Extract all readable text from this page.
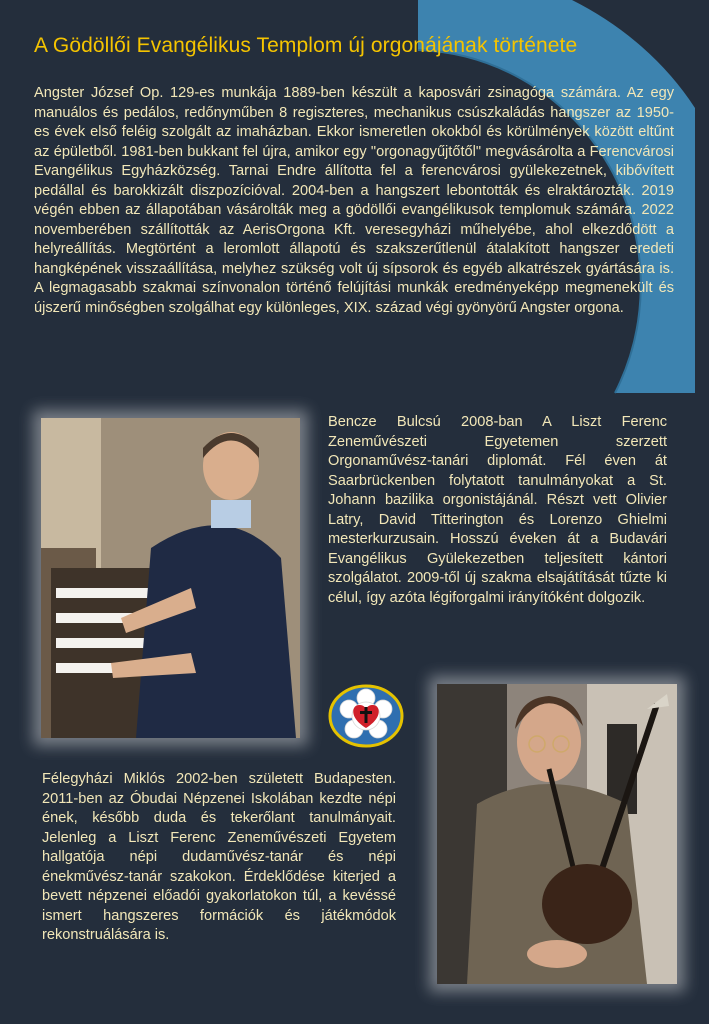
A Gödöllői Evangélikus Templom új orgonájának története

Angster József Op. 129-es munkája 1889-ben készült a kaposvári zsinagóga számára. Az egy manuálos és pedálos, redőnyműben 8 regiszteres, mechanikus csúszkaládás hangszer az 1950-es évek első feléig szolgált az imaházban. Ekkor ismeretlen okokból és körülmények között eltűnt az épületből. 1981-ben bukkant fel újra, amikor egy "orgonagyűjtőtől" megvásárolta a Ferencvárosi Evangélikus Egyházközség. Tarnai Endre állította fel a ferencvárosi gyülekezetnek, kibővített pedállal és barokkizált diszpozícióval. 2004-ben a hangszert lebontották és elraktározták. 2019 végén ebben az állapotában vásárolták meg a gödöllői evangélikusok templomuk számára. 2022 novemberében szállították az AerisOrgona Kft. veresegyházi műhelyébe, ahol elkezdődött a helyreállítás. Megtörtént a leromlott állapotú és szakszerűtlenül átalakított hangszer eredeti hangképének visszaállítása, melyhez szükség volt új sípsorok és egyéb alkatrészek gyártására is. A legmagasabb szakmai színvonalon történő felújítási munkák eredményeképp megmenekült és újszerű minőségben szolgálhat egy különleges, XIX. század végi gyönyörű Angster orgona.

Bencze Bulcsú 2008-ban A Liszt Ferenc Zeneművészeti Egyetemen szerzett Orgonaművész-tanári diplomát. Fél éven át Saarbrückenben folytatott tanulmányokat a St. Johann bazilika orgonistájánál. Részt vett Olivier Latry, David Titterington és Lorenzo Ghielmi mesterkurzusain. Hosszú éveken át a Budavári Evangélikus Gyülekezetben teljesített kántori szolgálatot. 2009-től új szakma elsajátítását tűzte ki célul, így azóta légiforgalmi irányítóként dolgozik.

Félegyházi Miklós 2002-ben született Budapesten. 2011-ben az Óbudai Népzenei Iskolában kezdte népi ének, később duda és tekerőlant tanulmányait. Jelenleg a Liszt Ferenc Zeneművészeti Egyetem hallgatója népi dudaművész-tanár és népi énekművész-tanár szakokon. Érdeklődése kiterjed a bevett népzenei előadói gyakorlatokon túl, a kevéssé ismert hangszeres formációk és játékmódok rekonstruálására is.
